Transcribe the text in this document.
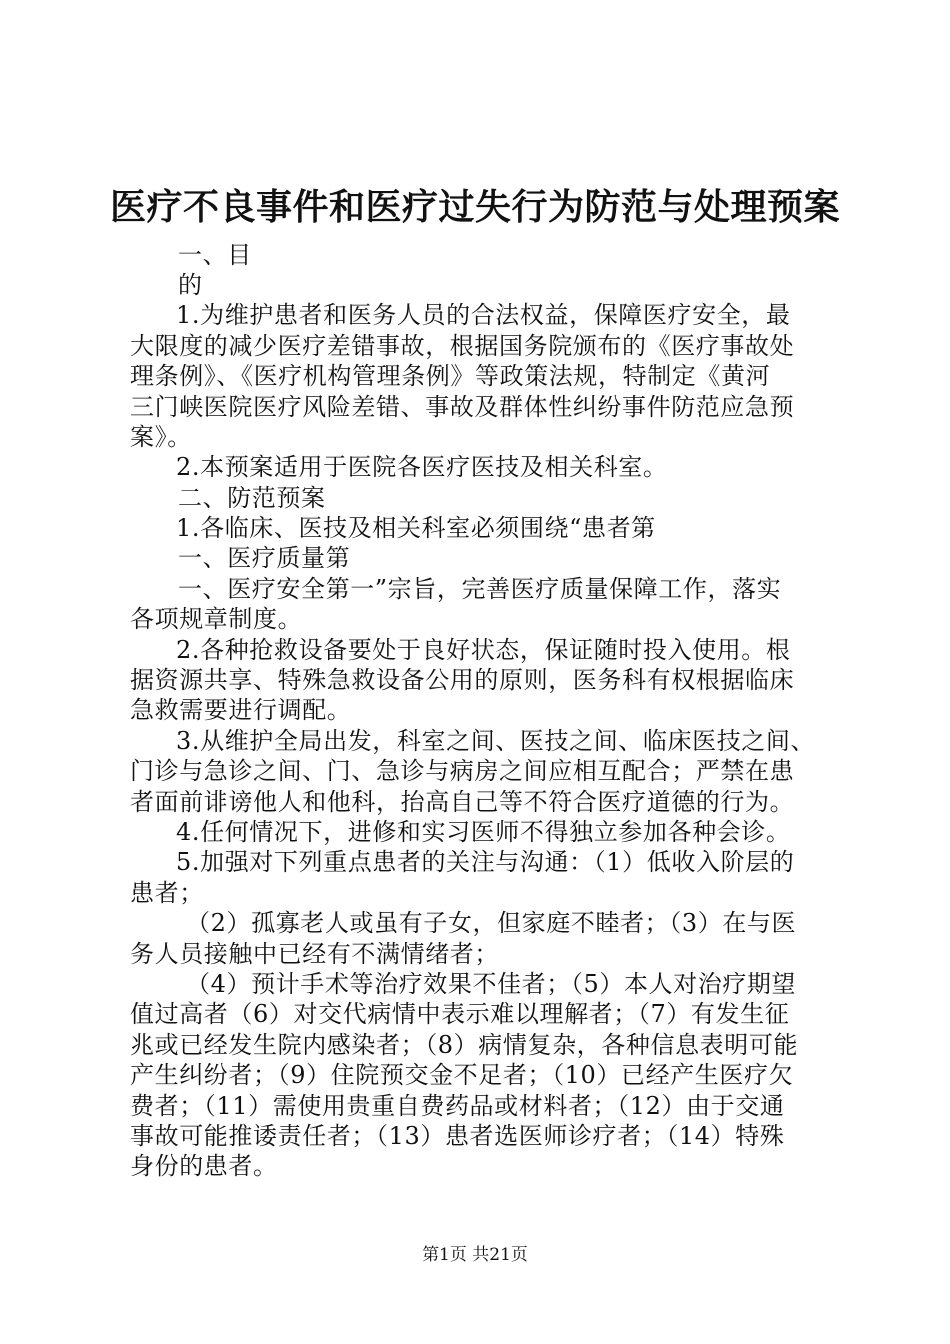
医疗不良事件和医疗过失行为防范与处理预案
一、目
的
1.为维护患者和医务人员的合法权益，保障医疗安全，最
大限度的减少医疗差错事故，根据国务院颁布的《医疗事故处
理条例》、《医疗机构管理条例》等政策法规，特制定《黄河
三门峡医院医疗风险差错、事故及群体性纠纷事件防范应急预
案》。
2.本预案适用于医院各医疗医技及相关科室。
二、防范预案
1.各临床、医技及相关科室必须围绕“患者第
一、医疗质量第
一、医疗安全第一”宗旨，完善医疗质量保障工作，落实
各项规章制度。
2.各种抢救设备要处于良好状态，保证随时投入使用。根
据资源共享、特殊急救设备公用的原则，医务科有权根据临床
急救需要进行调配。
3.从维护全局出发，科室之间、医技之间、临床医技之间、
门诊与急诊之间、门、急诊与病房之间应相互配合；严禁在患
者面前诽谤他人和他科，抬高自己等不符合医疗道德的行为。
4.任何情况下，进修和实习医师不得独立参加各种会诊。
5.加强对下列重点患者的关注与沟通：（1）低收入阶层的
患者；
（2）孤寡老人或虽有子女，但家庭不睦者；（3）在与医
务人员接触中已经有不满情绪者；
（4）预计手术等治疗效果不佳者；（5）本人对治疗期望
值过高者（6）对交代病情中表示难以理解者；（7）有发生征
兆或已经发生院内感染者；（8）病情复杂，各种信息表明可能
产生纠纷者；（9）住院预交金不足者；（10）已经产生医疗欠
费者；（11）需使用贵重自费药品或材料者；（12）由于交通
事故可能推诿责任者；（13）患者选医师诊疗者；（14）特殊
身份的患者。
第1页 共21页
